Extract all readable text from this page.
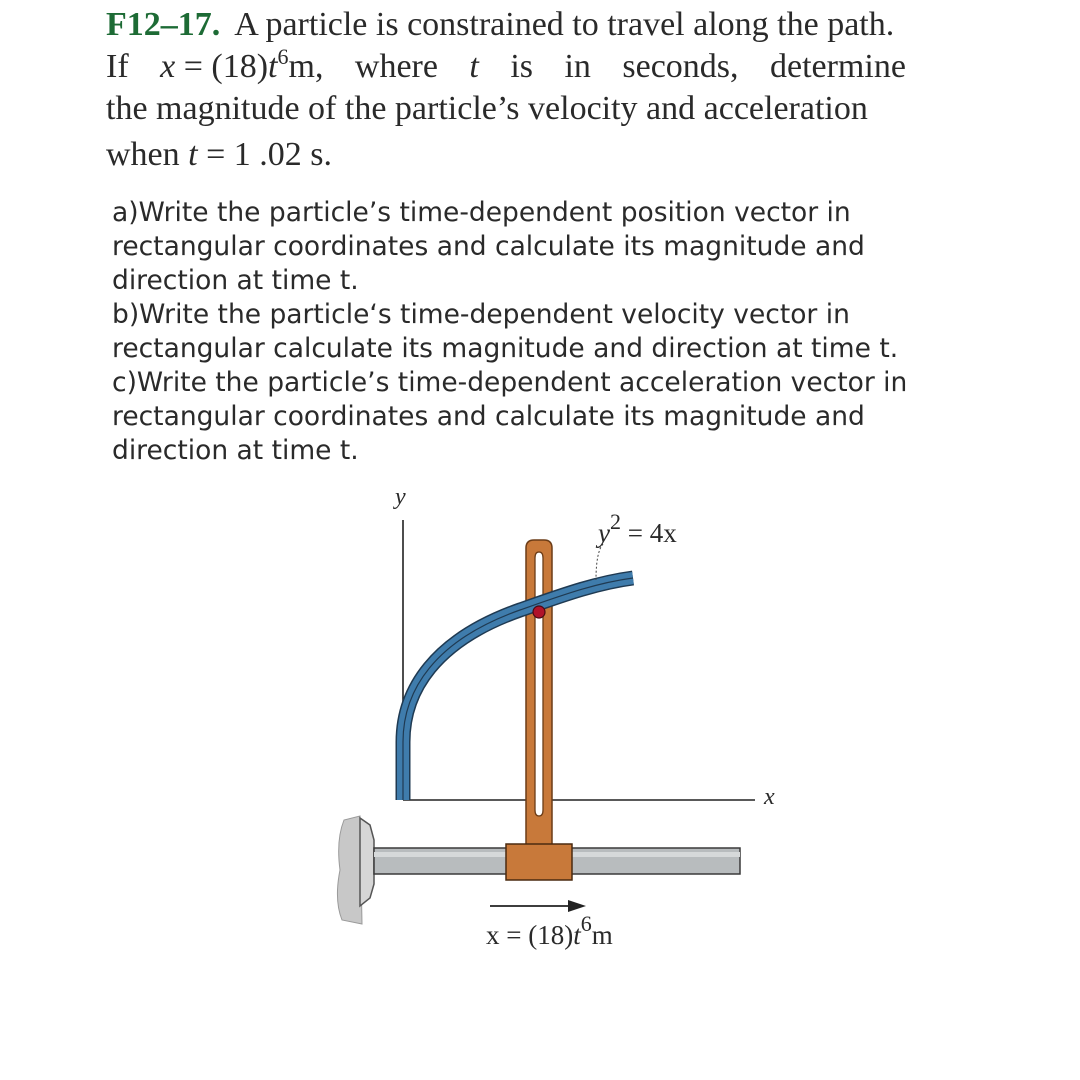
F12–17. A particle is constrained to travel along the path.
If $x = (18)t^6m$, where t is in seconds, determine
the magnitude of the particle’s velocity and acceleration
when t = 1 .02 s.
a)Write the particle’s time-dependent position vector in
rectangular coordinates and calculate its magnitude and
direction at time t.
b)Write the particle‘s time-dependent velocity vector in
rectangular calculate its magnitude and direction at time t.
c)Write the particle’s time-dependent acceleration vector in
rectangular coordinates and calculate its magnitude and
direction at time t.
y
x
$y^2 = 4x$
$x = (18)t^6m$
